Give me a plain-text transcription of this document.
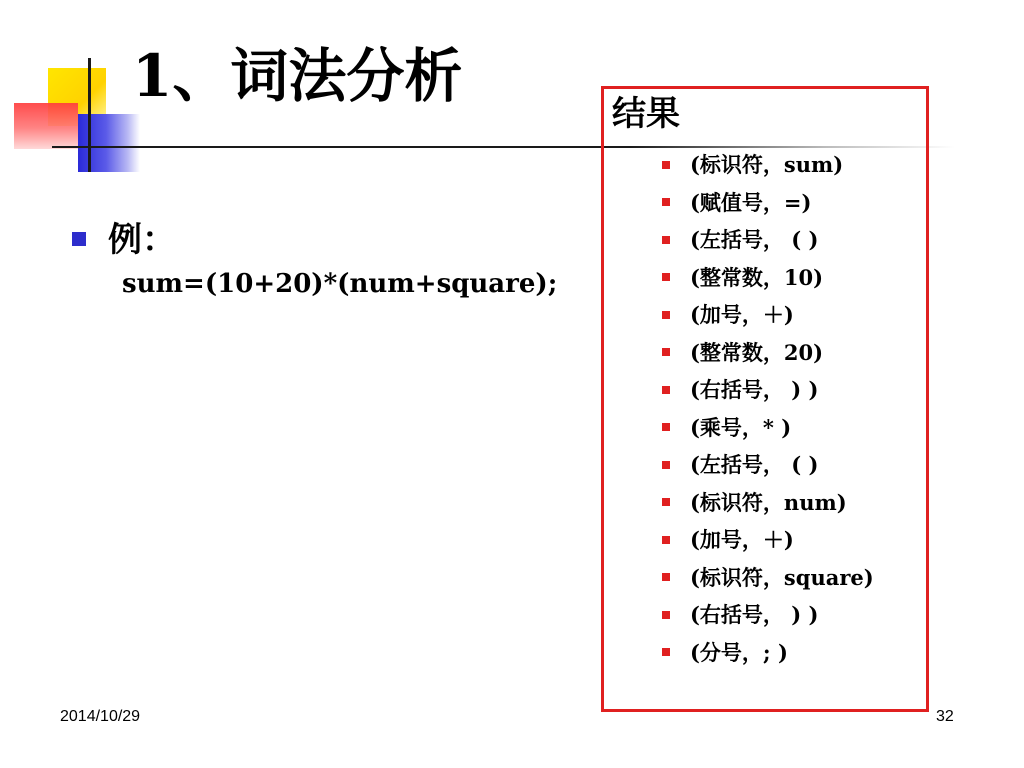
1、词法分析
例：
sum=(10+20)*(num+square);
结果
(标识符，sum)
(赋值号，=)
(左括号， ( )
(整常数，10)
(加号，＋)
(整常数，20)
(右括号， ) )
(乘号，* )
(左括号， ( )
(标识符，num)
(加号，＋)
(标识符，square)
(右括号， ) )
(分号，; )
2014/10/29	32
